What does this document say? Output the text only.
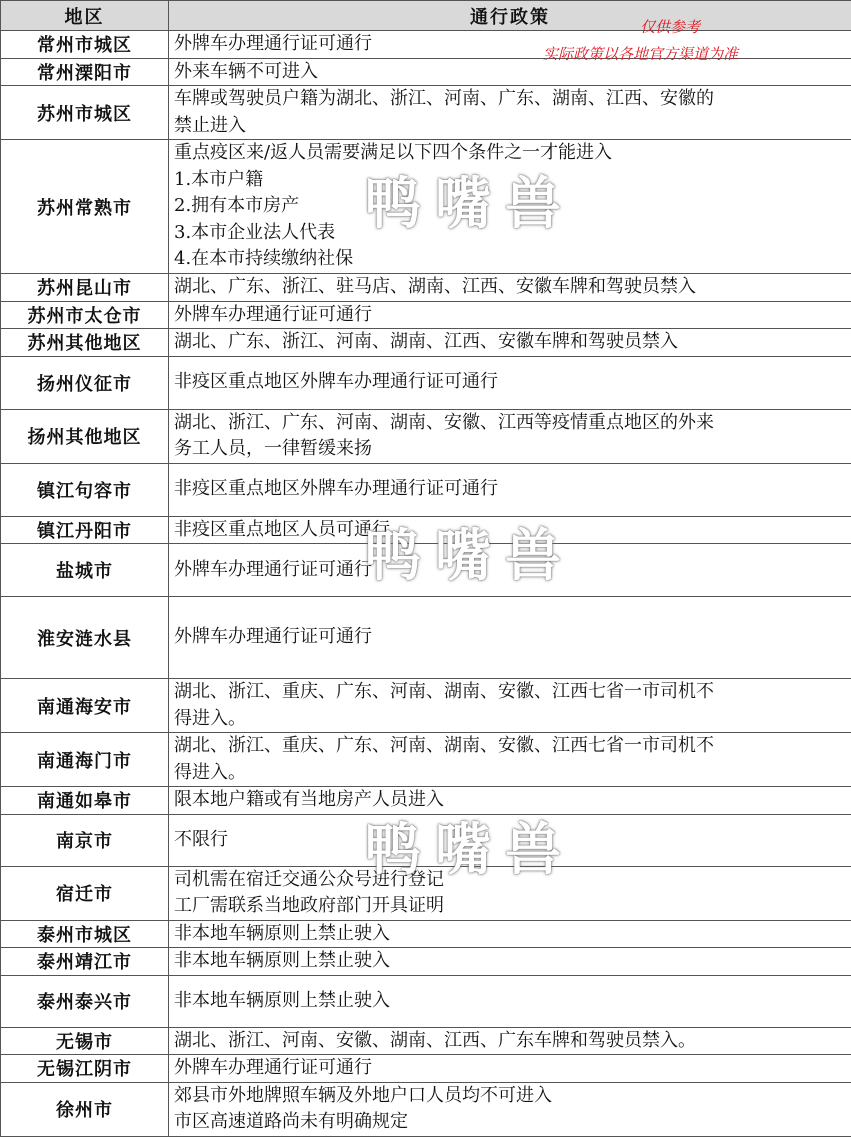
地区	通行政策
常州市城区	外牌车办理通行证可通行

常州溧阳市	外来车辆不可进入

苏州市城区	车牌或驾驶员户籍为湖北、浙江、河南、广东、湖南、江西、安徽的
禁止进入

苏州常熟市	重点疫区来/返人员需要满足以下四个条件之一才能进入
1.本市户籍
2.拥有本市房产
3.本市企业法人代表
4.在本市持续缴纳社保

苏州昆山市	湖北、广东、浙江、驻马店、湖南、江西、安徽车牌和驾驶员禁入

苏州市太仓市	外牌车办理通行证可通行

苏州其他地区	湖北、广东、浙江、河南、湖南、江西、安徽车牌和驾驶员禁入

扬州仪征市	非疫区重点地区外牌车办理通行证可通行

扬州其他地区	湖北、浙江、广东、河南、湖南、安徽、江西等疫情重点地区的外来
务工人员，一律暂缓来扬

镇江句容市	非疫区重点地区外牌车办理通行证可通行

镇江丹阳市	非疫区重点地区人员可通行

盐城市	外牌车办理通行证可通行

淮安涟水县	外牌车办理通行证可通行

南通海安市	湖北、浙江、重庆、广东、河南、湖南、安徽、江西七省一市司机不
得进入。

南通海门市	湖北、浙江、重庆、广东、河南、湖南、安徽、江西七省一市司机不
得进入。

南通如皋市	限本地户籍或有当地房产人员进入

南京市	不限行

宿迁市	司机需在宿迁交通公众号进行登记
工厂需联系当地政府部门开具证明

泰州市城区	非本地车辆原则上禁止驶入

泰州靖江市	非本地车辆原则上禁止驶入

泰州泰兴市	非本地车辆原则上禁止驶入

无锡市	湖北、浙江、河南、安徽、湖南、江西、广东车牌和驾驶员禁入。

无锡江阴市	外牌车办理通行证可通行

徐州市	郊县市外地牌照车辆及外地户口人员均不可进入
市区高速道路尚未有明确规定
仅供参考
实际政策以各地官方渠道为准
鸭嘴兽
鸭嘴兽
鸭嘴兽
